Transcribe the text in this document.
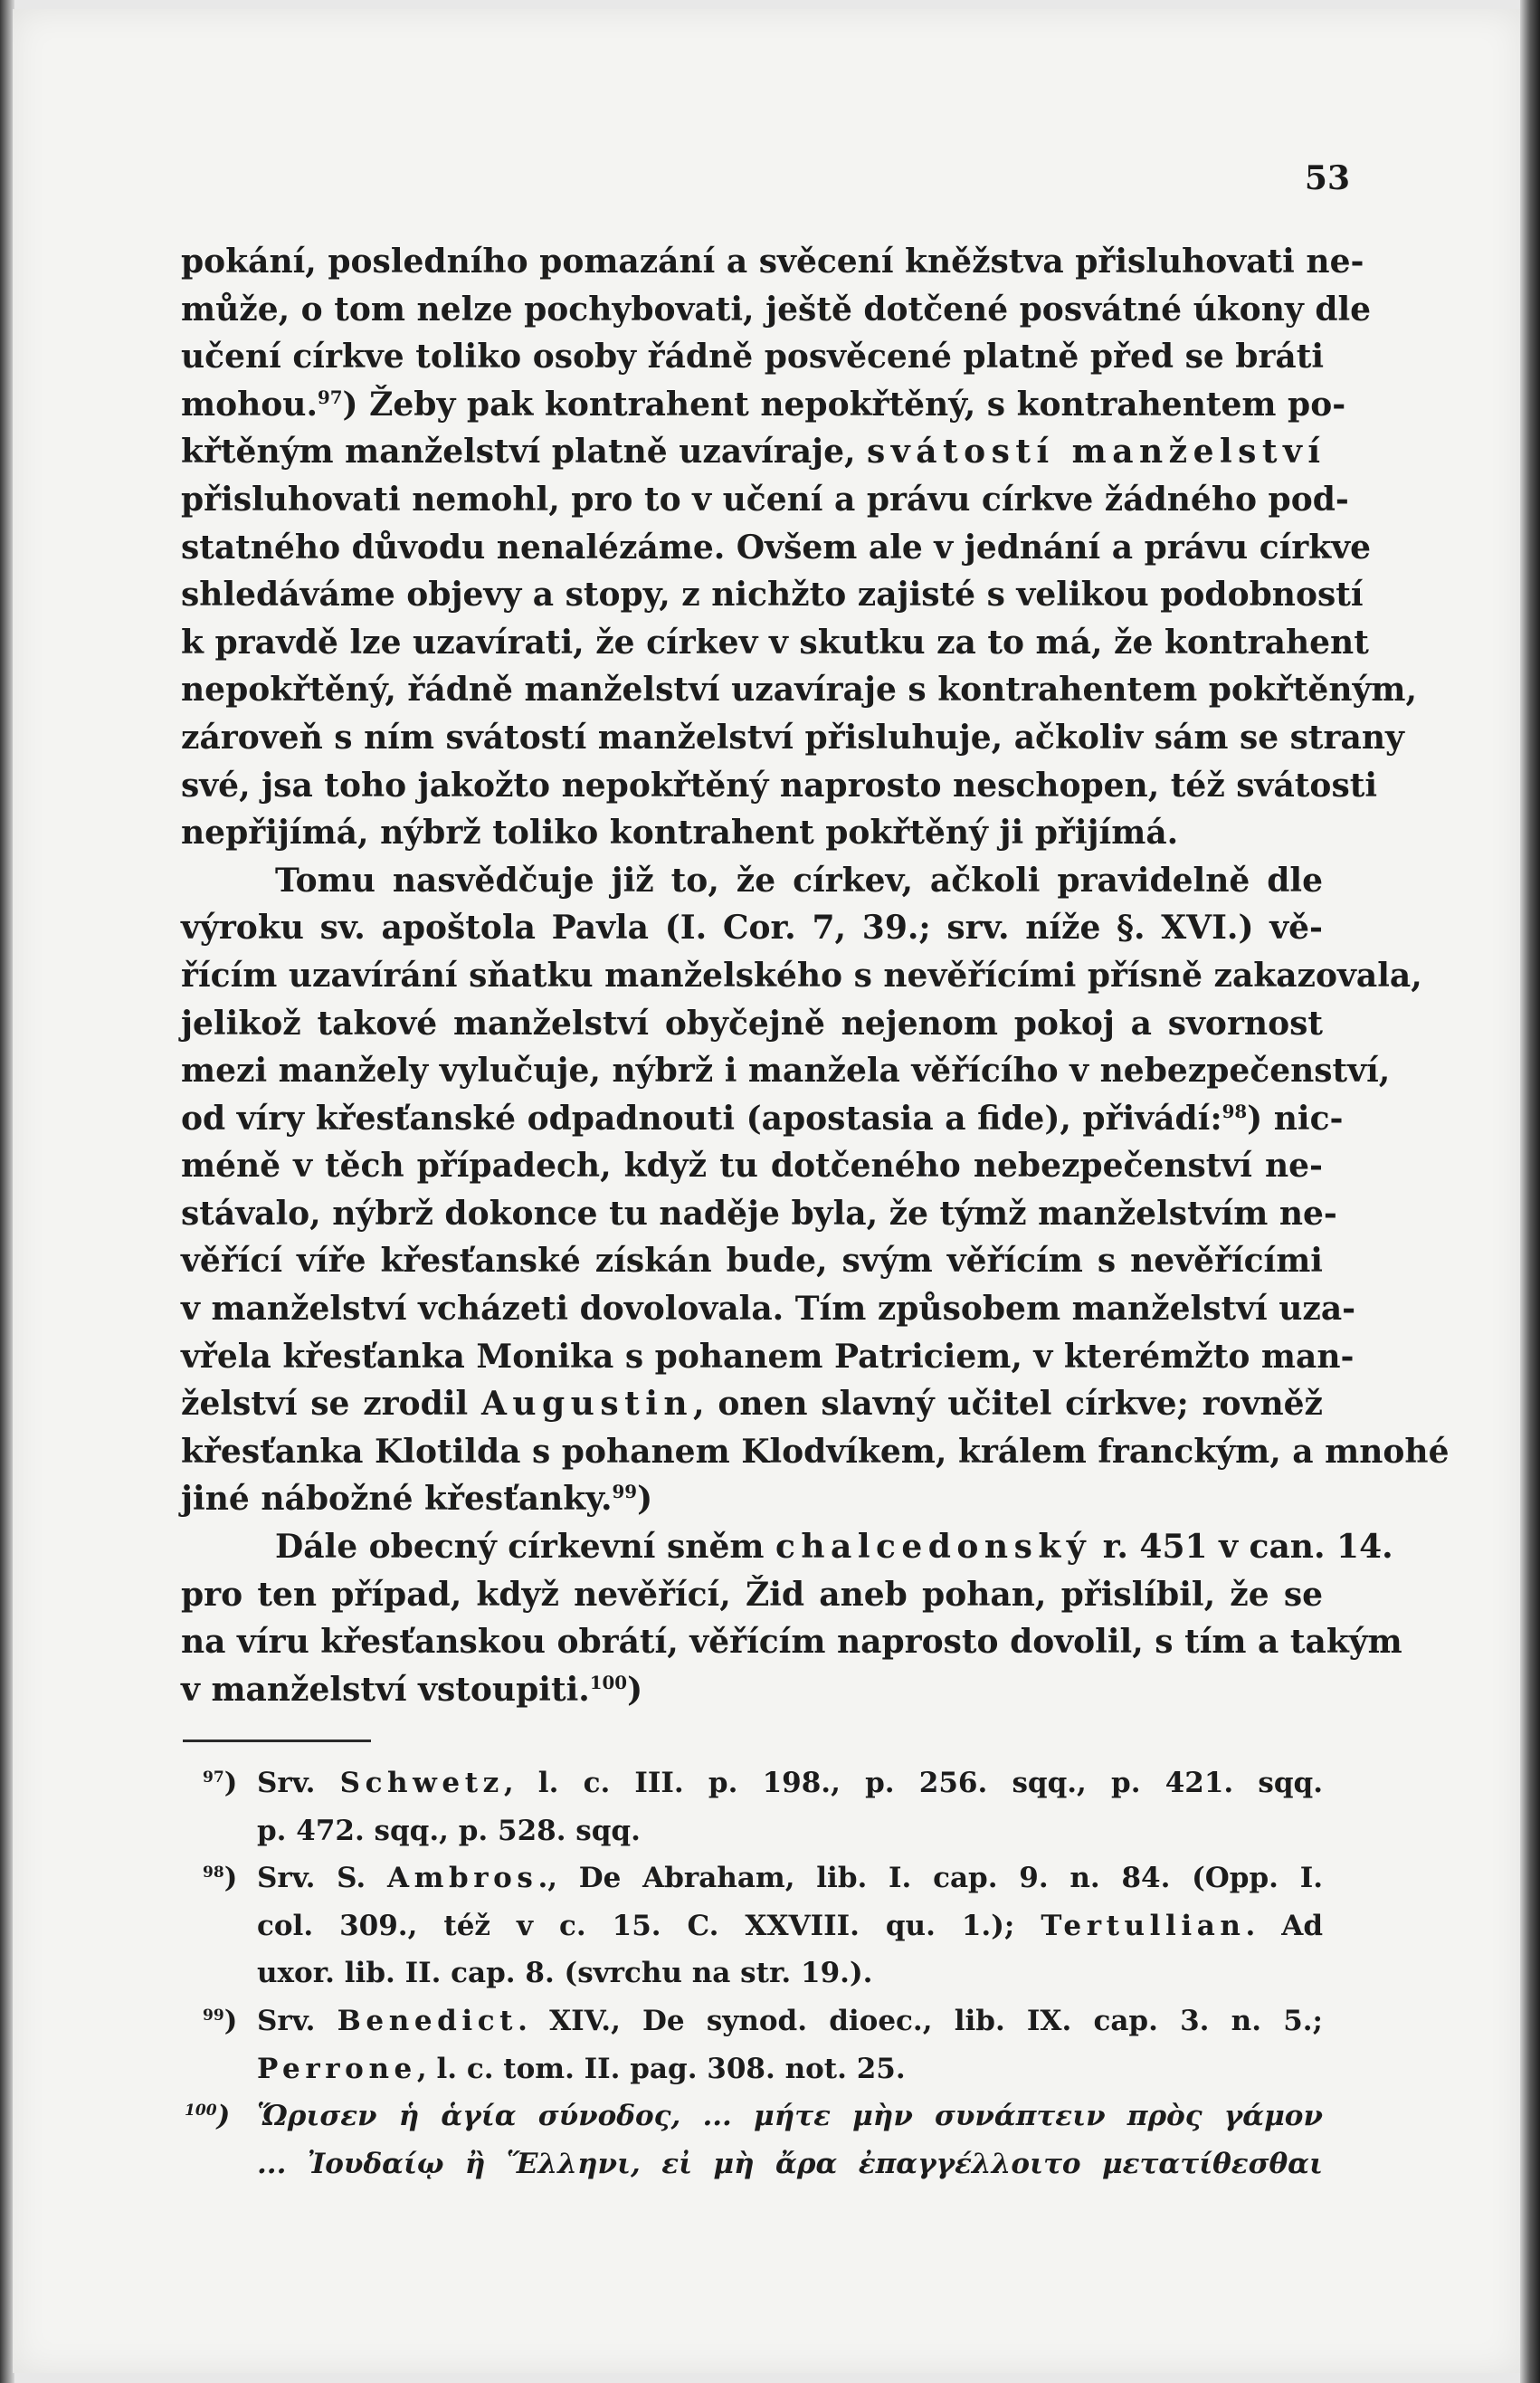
53
pokání, posledního pomazání a svěcení kněžstva přisluhovati ne-
může, o tom nelze pochybovati, ještě dotčené posvátné úkony dle
učení církve toliko osoby řádně posvěcené platně před se bráti
mohou.$^{97}$) Žeby pak kontrahent nepokřtěný, s kontrahentem po-
křtěným manželství platně uzavíraje, svátostí manželství
přisluhovati nemohl, pro to v učení a právu církve žádného pod-
statného důvodu nenalézáme. Ovšem ale v jednání a právu církve
shledáváme objevy a stopy, z nichžto zajisté s velikou podobností
k pravdě lze uzavírati, že církev v skutku za to má, že kontrahent
nepokřtěný, řádně manželství uzavíraje s kontrahentem pokřtěným,
zároveň s ním svátostí manželství přisluhuje, ačkoliv sám se strany
své, jsa toho jakožto nepokřtěný naprosto neschopen, též svátosti
nepřijímá, nýbrž toliko kontrahent pokřtěný ji přijímá.
Tomu nasvědčuje již to, že církev, ačkoli pravidelně dle
výroku sv. apoštola Pavla (I. Cor. 7, 39.; srv. níže §. XVI.) vě-
řícím uzavírání sňatku manželského s nevěřícími přísně zakazovala,
jelikož takové manželství obyčejně nejenom pokoj a svornost
mezi manžely vylučuje, nýbrž i manžela věřícího v nebezpečenství,
od víry křesťanské odpadnouti (apostasia a fide), přivádí:$^{98}$) nic-
méně v těch případech, když tu dotčeného nebezpečenství ne-
stávalo, nýbrž dokonce tu naděje byla, že týmž manželstvím ne-
věřící víře křesťanské získán bude, svým věřícím s nevěřícími
v manželství vcházeti dovolovala. Tím způsobem manželství uza-
vřela křesťanka Monika s pohanem Patriciem, v kterémžto man-
želství se zrodil Augustin, onen slavný učitel církve; rovněž
křesťanka Klotilda s pohanem Klodvíkem, králem franckým, a mnohé
jiné nábožné křesťanky.$^{99}$)
Dále obecný církevní sněm chalcedonský r. 451 v can. 14.
pro ten případ, když nevěřící, Žid aneb pohan, přislíbil, že se
na víru křesťanskou obrátí, věřícím naprosto dovolil, s tím a takým
v manželství vstoupiti.$^{100}$)
$^{97}$) Srv. Schwetz, l. c. III. p. 198., p. 256. sqq., p. 421. sqq.
p. 472. sqq., p. 528. sqq.
$^{98}$) Srv. S. Ambros., De Abraham, lib. I. cap. 9. n. 84. (Opp. I.
col. 309., též v c. 15. C. XXVIII. qu. 1.); Tertullian. Ad
uxor. lib. II. cap. 8. (svrchu na str. 19.).
$^{99}$) Srv. Benedict. XIV., De synod. dioec., lib. IX. cap. 3. n. 5.;
Perrone, l. c. tom. II. pag. 308. not. 25.
$^{100}$) Ὥρισεν ἡ ἁγία σύνοδος, ... μήτε μὴν συνάπτειν πρὸς γάμον
... Ἰουδαίῳ ἢ Ἕλληνι, εἰ μὴ ἄρα ἐπαγγέλλοιτο μετατίθεσθαι
